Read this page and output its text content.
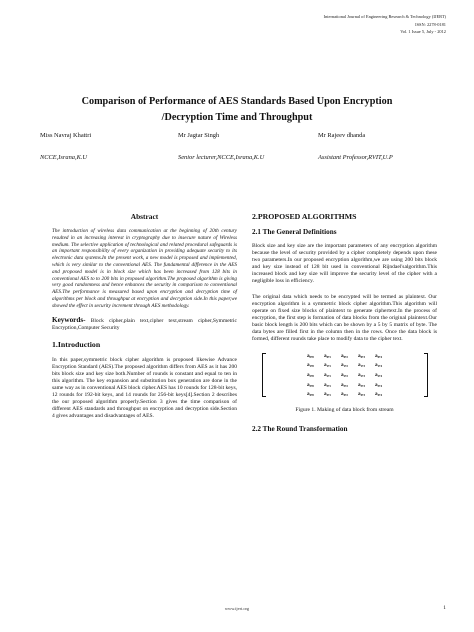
International Journal of Engineering Research & Technology (IJERT)
ISSN: 2278-0181
Vol. 1 Issue 5, July - 2012
Comparison of Performance of AES Standards Based Upon Encryption
/Decryption Time and Throughput
Miss Navraj Khattri	Mr Jagtar Singh	Mr Rajeev dhanda
NCCE,Israna,K.U	Senior lecturer,NCCE,Israna,K.U	Assistant Professor,RVIT,U.P
Abstract

The introduction of wireless data communication at the beginning of 20th century resulted in an increasing interest in cryptography due to insecure nature of Wireless medium. The selective application of technological and related procedural safeguards is an important responsibility of every organization in providing adequate security to its electronic data systems.In the present work, a new model is proposed and implemented, which is very similar to the conventional AES. The fundamental difference in the AES and proposed model is in block size which has been increased from 128 bits in conventional AES to to 200 bits in proposed algorithm.The proposed algorithm is giving very good randomness and hence enhances the security in comparison to conventional AES.The performance is measured based upon encryption and decryption time of algorithms per block and throughput at encryption and decryption side.In this paper,we showed the effect in security increment through AES methodology.

Keywords- Block cipher,plain text,cipher text,stream cipher,Symmetric Encryption,Computer Security
1.Introduction

In this paper,symmetric block cipher algorithm is proposed likewise Advance Encryption Standard (AES).The proposed algorithm differs from AES as it has 200 bits block size and key size both.Number of rounds is constant and equal to ten in this algorithm. The key expansion and substitution box generation are done in the same way as in conventional AES block cipher.AES has 10 rounds for 128-bit keys, 12 rounds for 192-bit keys, and 14 rounds for 256-bit keys[4].Section 2 describes the our proposed algorithm properly.Section 3 gives the time comparison of different AES standards and throughput on encryption and decryption side.Section 4 gives advantages and disadvantages of AES.

2.PROPOSED ALGORITHMS
2.1 The General Definitions

Block size and key size are the important parameters of any encryption algorithm because the level of security provided by a cipher completely depends upon these two parameters.In our proposed encryption algorithm,we are using 200 bits block and key size instead of 128 bit used in conventional Rijndael'salgorithm.This increased block and key size will improve the security level of the cipher with a negligible loss in efficiency.

The original data which needs to be encrypted will be termed as plaintext. Our encryption algorithm is a symmetric block cipher algorithm.This algorithm will operate on fixed size blocks of plaintext to generate ciphertext.In the process of encryption, the first step is formation of data blocks from the original plaintext.Our basic block length is 200 bits which can be shown by a 5 by 5 matrix of byte. The data bytes are filled first in the column then in the rows. Once the data block is formed, different rounds take place to modify data to the cipher text.

a₀,₀	a₀,₁	a₀,₂	a₀,₃	a₀,₄
a₁,₀	a₁,₁	a₁,₂	a₁,₃	a₁,₄
a₂,₀	a₂,₁	a₂,₂	a₂,₃	a₂,₄
a₃,₀	a₃,₁	a₃,₂	a₃,₃	a₃,₄
a₄,₀	a₄,₁	a₄,₂	a₄,₃	a₄,₄
Figure 1. Making of data block from stream
2.2 The Round Transformation
www.ijert.org	1
